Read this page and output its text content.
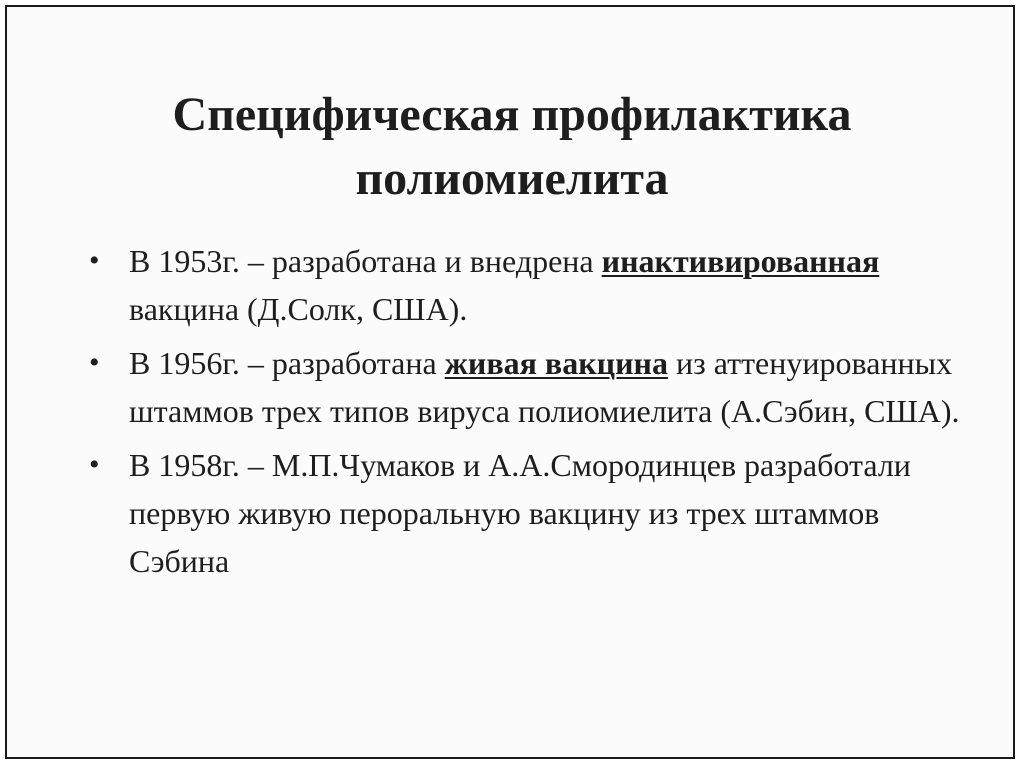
Специфическая профилактика
полиомиелита
• В 1953г. – разработана и внедрена инактивированная вакцина (Д.Солк, США).
• В 1956г. – разработана живая вакцина из аттенуированных штаммов трех типов вируса полиомиелита (А.Сэбин, США).
• В 1958г. – М.П.Чумаков и А.А.Смородинцев разработали первую живую пероральную вакцину из трех штаммов Сэбина
